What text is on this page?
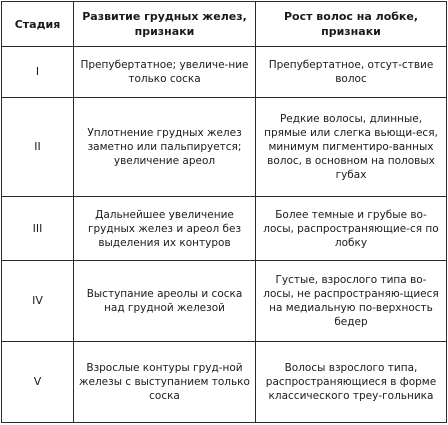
Стадия	Развитие грудных желез, признаки	Рост волос на лобке, признаки
I	Препубертатное; увеличе-ние только соска	Препубертатное, отсут-ствие волос
II	Уплотнение грудных желез заметно или пальпируется; увеличение ареол	Редкие волосы, длинные, прямые или слегка вьющи-еся, минимум пигментиро-ванных волос, в основном на половых губах
III	Дальнейшее увеличение грудных желез и ареол без выделения их контуров	Более темные и грубые во-лосы, распространяющие-ся по лобку
IV	Выступание ареолы и соска над грудной железой	Густые, взрослого типа во-лосы, не распространяю-щиеся на медиальную по-верхность бедер
V	Взрослые контуры груд-ной железы с выступанием только соска	Волосы взрослого типа, распространяющиеся в форме классического треу-гольника
